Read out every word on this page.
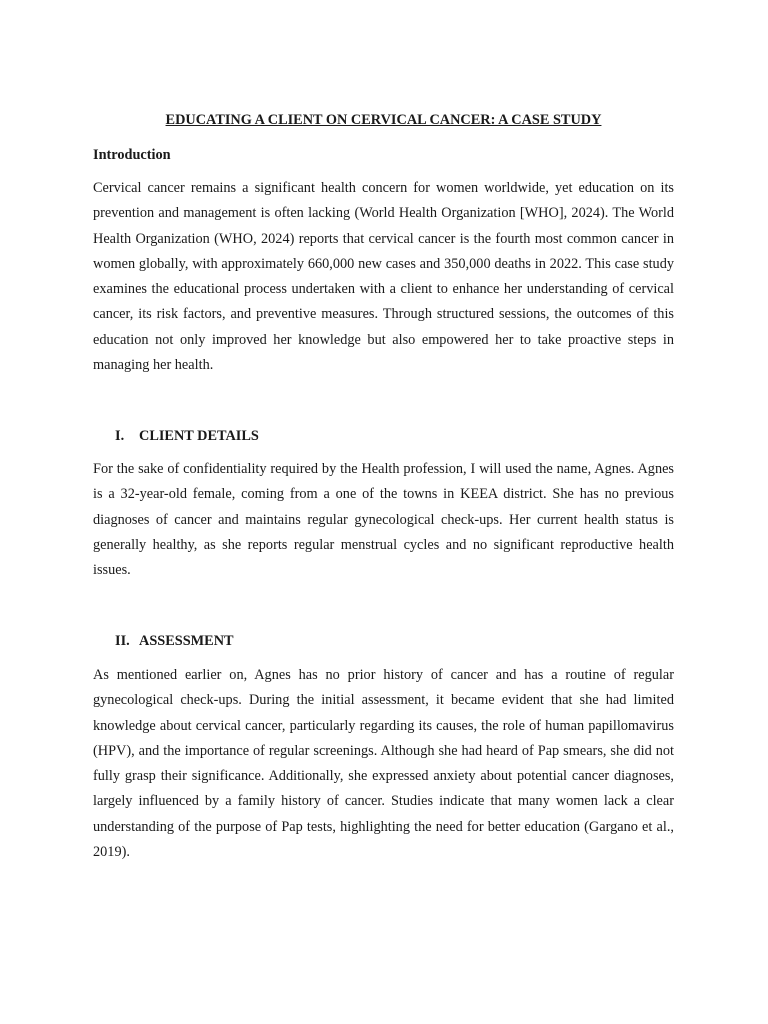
EDUCATING A CLIENT ON CERVICAL CANCER: A CASE STUDY
Introduction

Cervical cancer remains a significant health concern for women worldwide, yet education on its prevention and management is often lacking (World Health Organization [WHO], 2024). The World Health Organization (WHO, 2024) reports that cervical cancer is the fourth most common cancer in women globally, with approximately 660,000 new cases and 350,000 deaths in 2022. This case study examines the educational process undertaken with a client to enhance her understanding of cervical cancer, its risk factors, and preventive measures. Through structured sessions, the outcomes of this education not only improved her knowledge but also empowered her to take proactive steps in managing her health.

I.	CLIENT DETAILS

For the sake of confidentiality required by the Health profession, I will used the name, Agnes. Agnes is a 32-year-old female, coming from a one of the towns in KEEA district. She has no previous diagnoses of cancer and maintains regular gynecological check-ups. Her current health status is generally healthy, as she reports regular menstrual cycles and no significant reproductive health issues.

II. ASSESSMENT

As mentioned earlier on, Agnes has no prior history of cancer and has a routine of regular gynecological check-ups. During the initial assessment, it became evident that she had limited knowledge about cervical cancer, particularly regarding its causes, the role of human papillomavirus (HPV), and the importance of regular screenings. Although she had heard of Pap smears, she did not fully grasp their significance. Additionally, she expressed anxiety about potential cancer diagnoses, largely influenced by a family history of cancer. Studies indicate that many women lack a clear understanding of the purpose of Pap tests, highlighting the need for better education (Gargano et al., 2019).
